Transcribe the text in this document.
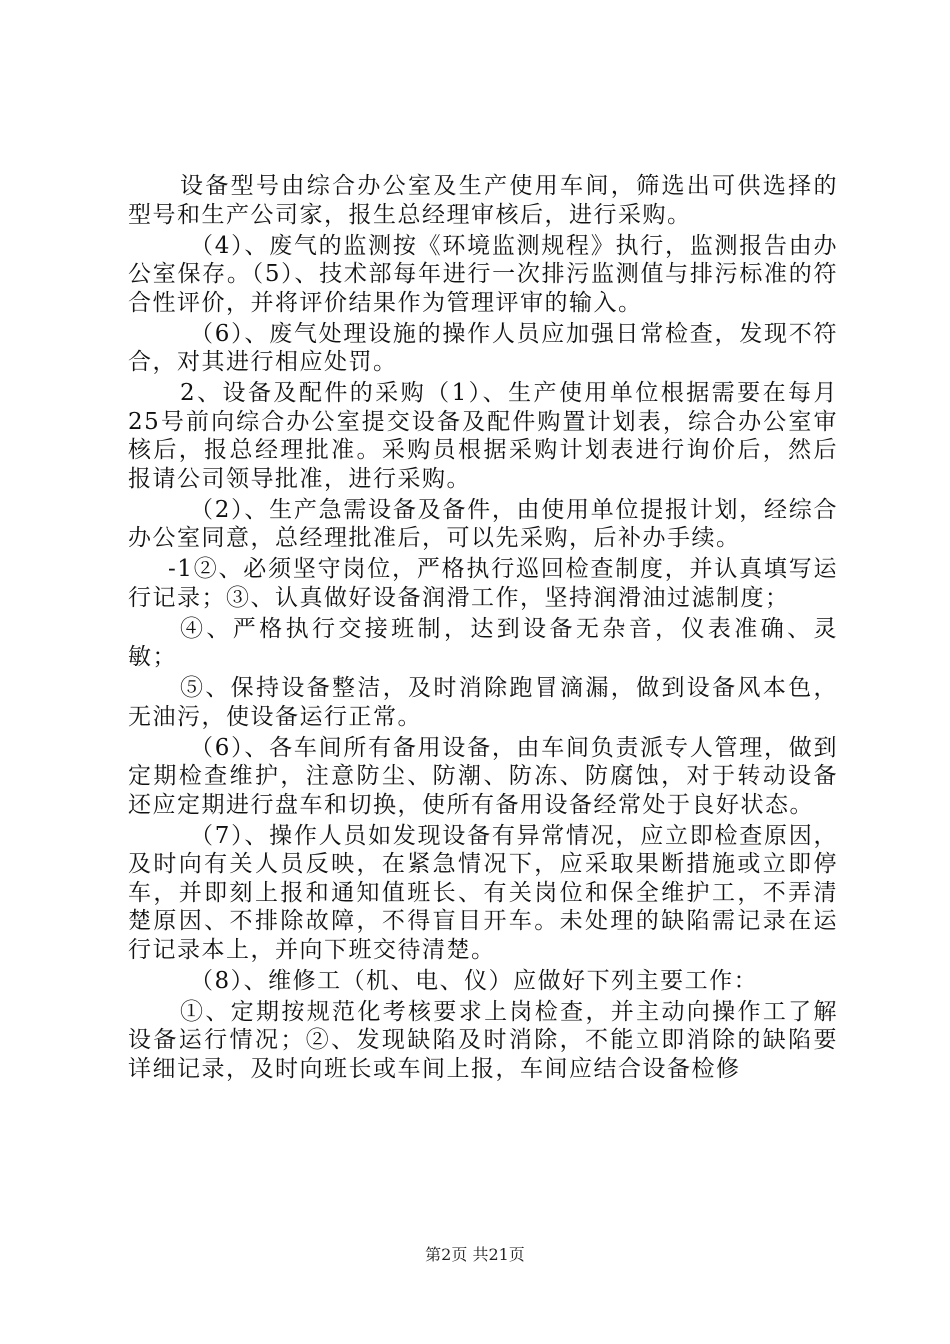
设备型号由综合办公室及生产使用车间，筛选出可供选择的型号和生产公司家，报生总经理审核后，进行采购。

（4）、废气的监测按《环境监测规程》执行，监测报告由办公室保存。（5）、技术部每年进行一次排污监测值与排污标准的符合性评价，并将评价结果作为管理评审的输入。

（6）、废气处理设施的操作人员应加强日常检查，发现不符合，对其进行相应处罚。

2、设备及配件的采购（1）、生产使用单位根据需要在每月25号前向综合办公室提交设备及配件购置计划表，综合办公室审核后，报总经理批准。采购员根据采购计划表进行询价后，然后报请公司领导批准，进行采购。

（2）、生产急需设备及备件，由使用单位提报计划，经综合办公室同意，总经理批准后，可以先采购，后补办手续。

-1②、必须坚守岗位，严格执行巡回检查制度，并认真填写运行记录；③、认真做好设备润滑工作，坚持润滑油过滤制度；

④、严格执行交接班制，达到设备无杂音，仪表准确、灵敏；

⑤、保持设备整洁，及时消除跑冒滴漏，做到设备风本色，无油污，使设备运行正常。

（6）、各车间所有备用设备，由车间负责派专人管理，做到定期检查维护，注意防尘、防潮、防冻、防腐蚀，对于转动设备还应定期进行盘车和切换，使所有备用设备经常处于良好状态。

（7）、操作人员如发现设备有异常情况，应立即检查原因，及时向有关人员反映，在紧急情况下，应采取果断措施或立即停车，并即刻上报和通知值班长、有关岗位和保全维护工，不弄清楚原因、不排除故障，不得盲目开车。未处理的缺陷需记录在运行记录本上，并向下班交待清楚。

（8）、维修工（机、电、仪）应做好下列主要工作：

①、定期按规范化考核要求上岗检查，并主动向操作工了解设备运行情况；②、发现缺陷及时消除，不能立即消除的缺陷要详细记录，及时向班长或车间上报，车间应结合设备检修

第2页 共21页
